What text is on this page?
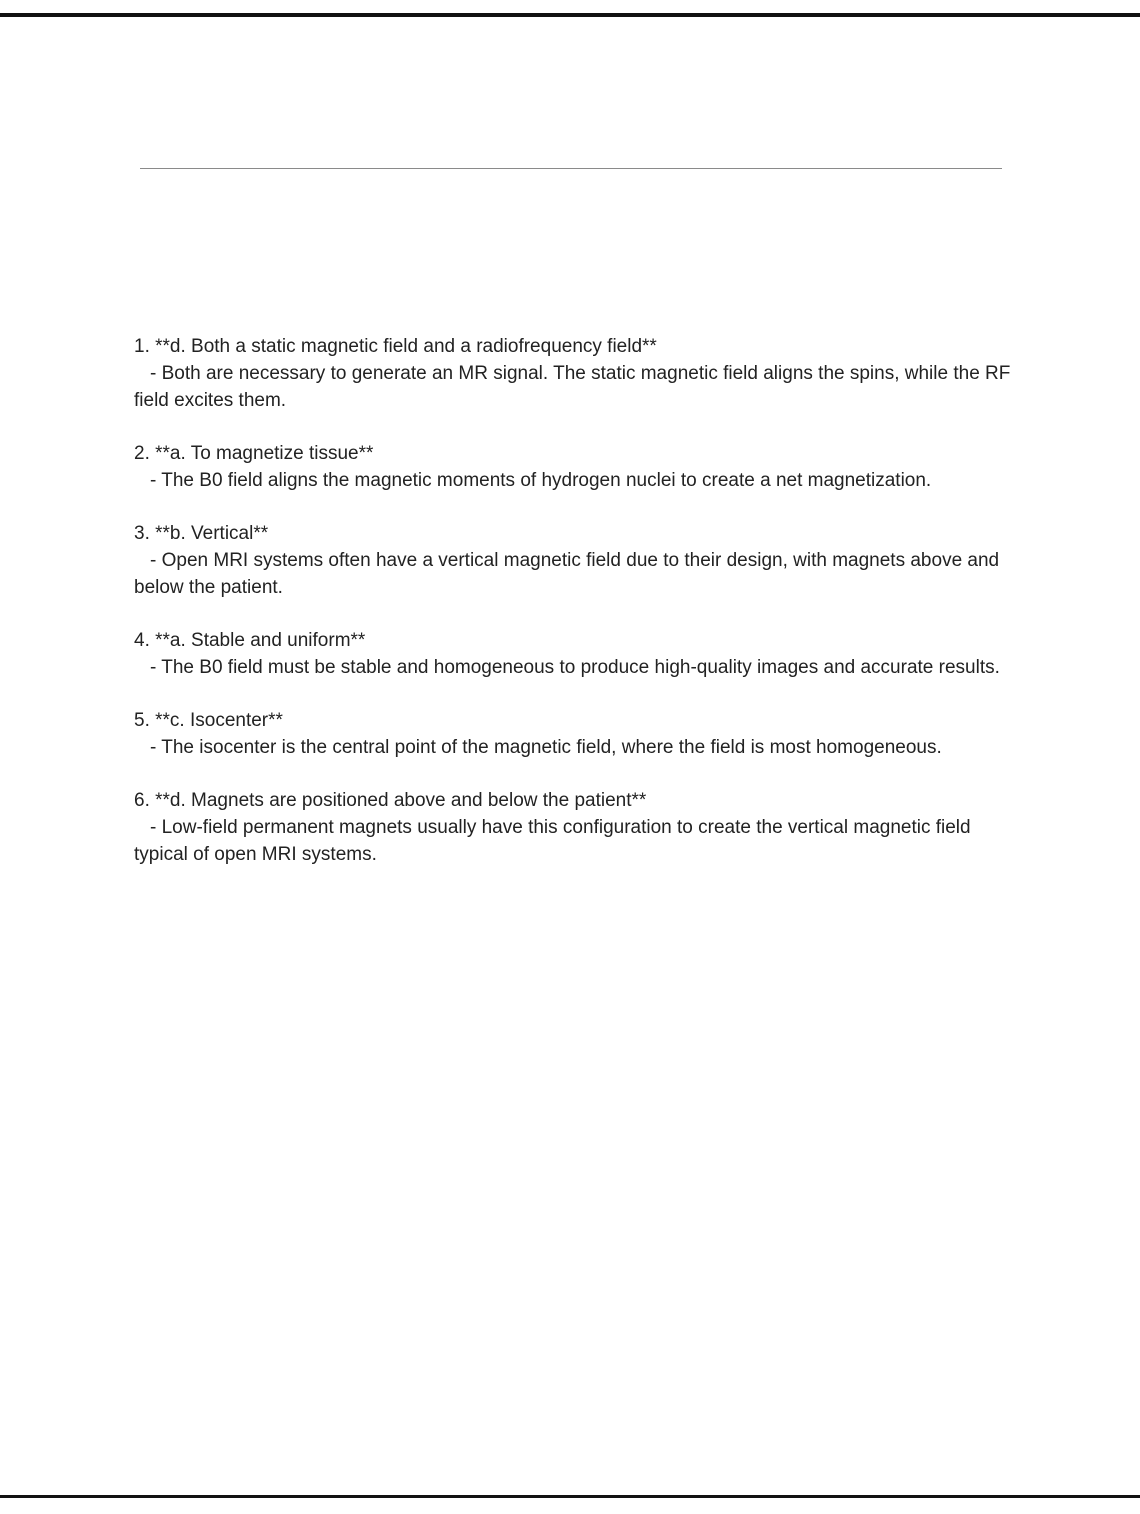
1. **d. Both a static magnetic field and a radiofrequency field**
- Both are necessary to generate an MR signal. The static magnetic field aligns the spins, while the RF field excites them.
2. **a. To magnetize tissue**
- The B0 field aligns the magnetic moments of hydrogen nuclei to create a net magnetization.
3. **b. Vertical**
- Open MRI systems often have a vertical magnetic field due to their design, with magnets above and below the patient.
4. **a. Stable and uniform**
- The B0 field must be stable and homogeneous to produce high-quality images and accurate results.
5. **c. Isocenter**
- The isocenter is the central point of the magnetic field, where the field is most homogeneous.
6. **d. Magnets are positioned above and below the patient**
- Low-field permanent magnets usually have this configuration to create the vertical magnetic field typical of open MRI systems.
